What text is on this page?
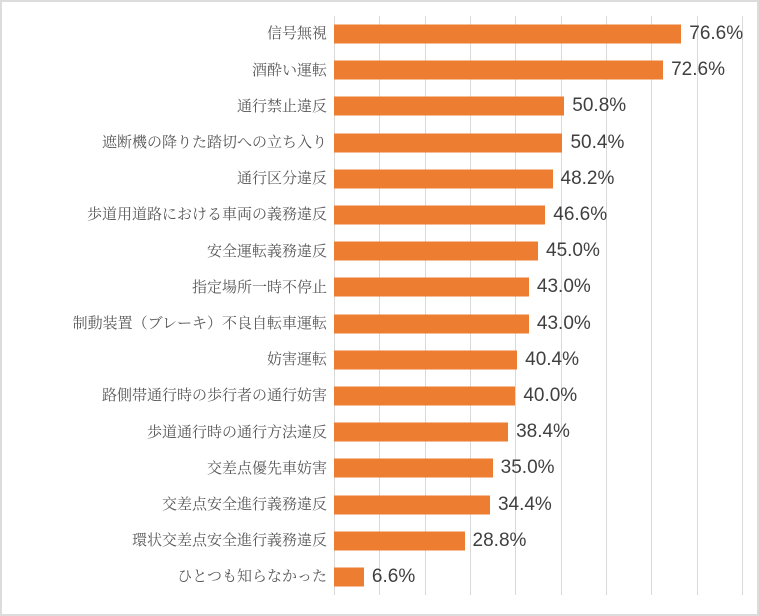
信号無視	76.6%
酒酔い運転	72.6%
通行禁止違反	50.8%
遮断機の降りた踏切への立ち入り	50.4%
通行区分違反	48.2%
歩道用道路における車両の義務違反	46.6%
安全運転義務違反	45.0%
指定場所一時不停止	43.0%
制動装置（ブレーキ）不良自転車運転	43.0%
妨害運転	40.4%
路側帯通行時の歩行者の通行妨害	40.0%
歩道通行時の通行方法違反	38.4%
交差点優先車妨害	35.0%
交差点安全進行義務違反	34.4%
環状交差点安全進行義務違反	28.8%
ひとつも知らなかった	6.6%
